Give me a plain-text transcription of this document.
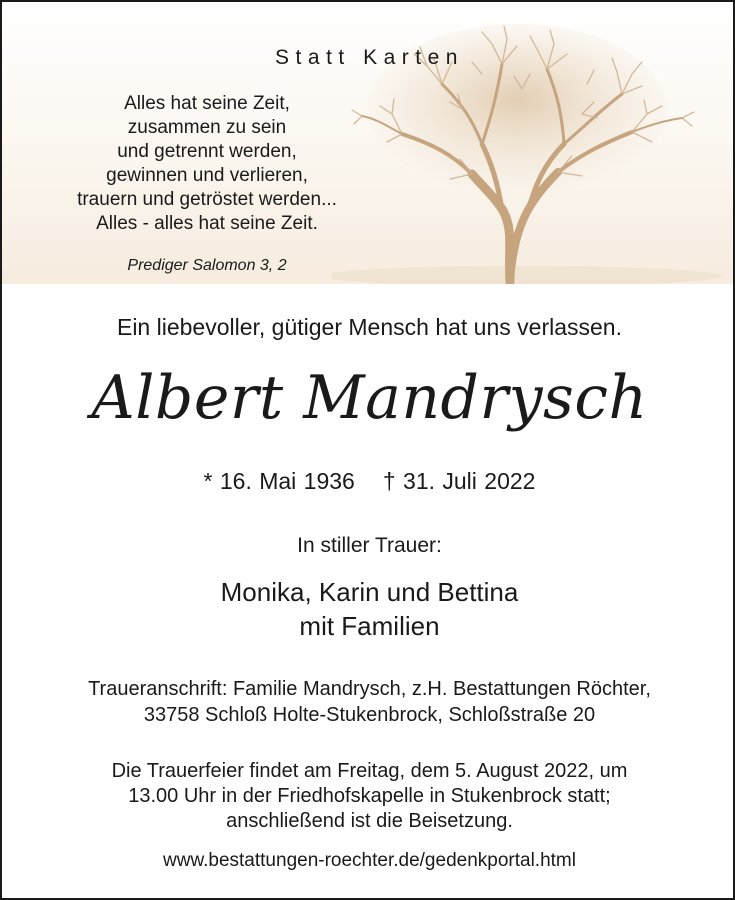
Statt Karten
Alles hat seine Zeit,
zusammen zu sein
und getrennt werden,
gewinnen und verlieren,
trauern und getröstet werden...
Alles - alles hat seine Zeit.
Prediger Salomon 3, 2
Ein liebevoller, gütiger Mensch hat uns verlassen.
Albert Mandrysch
* 16. Mai 1936 † 31. Juli 2022
In stiller Trauer:
Monika, Karin und Bettina
mit Familien
Traueranschrift: Familie Mandrysch, z.H. Bestattungen Röchter,
33758 Schloß Holte-Stukenbrock, Schloßstraße 20
Die Trauerfeier findet am Freitag, dem 5. August 2022, um
13.00 Uhr in der Friedhofskapelle in Stukenbrock statt;
anschließend ist die Beisetzung.
www.bestattungen-roechter.de/gedenkportal.html
